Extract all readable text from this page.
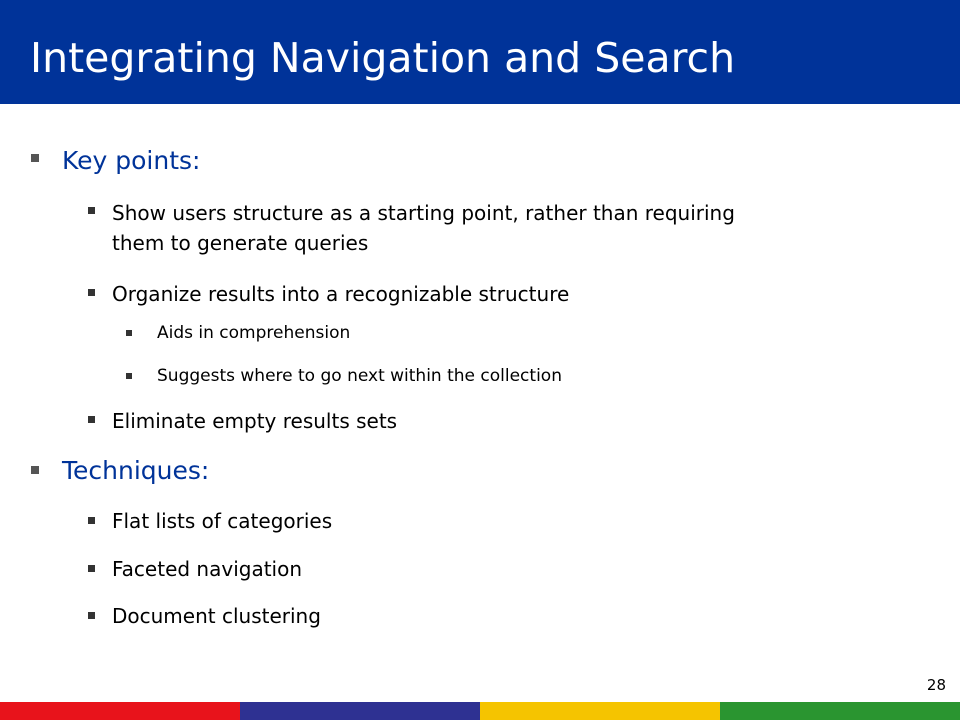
Integrating Navigation and Search
Key points:
Show users structure as a starting point, rather than requiring
them to generate queries
Organize results into a recognizable structure
Aids in comprehension
Suggests where to go next within the collection
Eliminate empty results sets
Techniques:
Flat lists of categories
Faceted navigation
Document clustering
28
